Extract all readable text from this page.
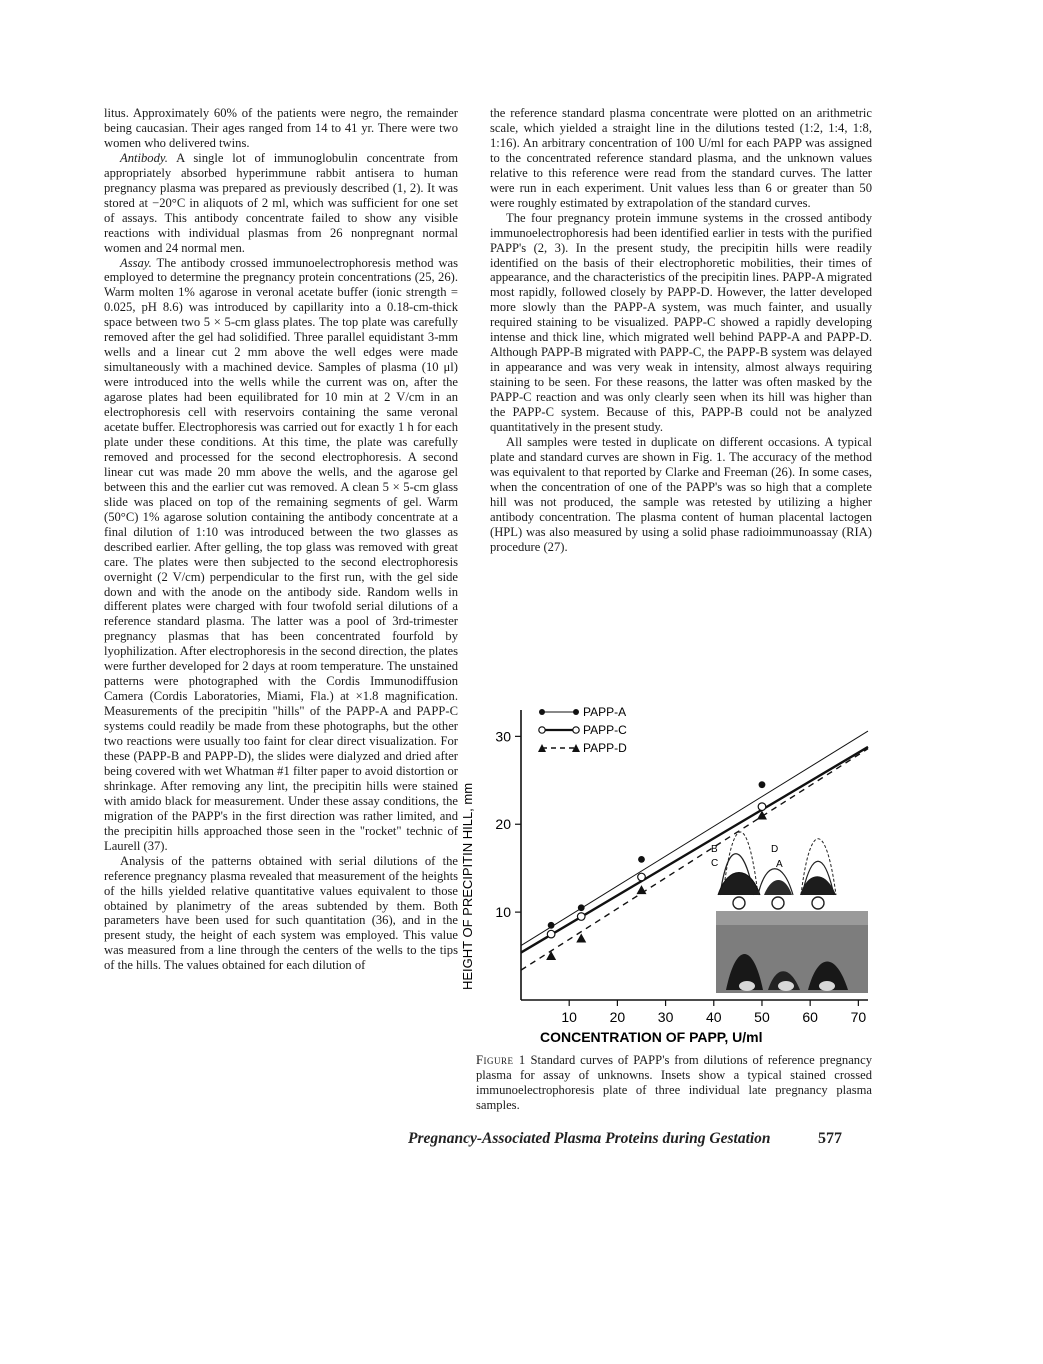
litus. Approximately 60% of the patients were negro, the remainder being caucasian. Their ages ranged from 14 to 41 yr. There were two women who delivered twins.

Antibody. A single lot of immunoglobulin concentrate from appropriately absorbed hyperimmune rabbit antisera to human pregnancy plasma was prepared as previously described (1, 2). It was stored at −20°C in aliquots of 2 ml, which was sufficient for one set of assays. This antibody concentrate failed to show any visible reactions with individual plasmas from 26 nonpregnant normal women and 24 normal men.

Assay. The antibody crossed immunoelectrophoresis method was employed to determine the pregnancy protein concentrations (25, 26). Warm molten 1% agarose in veronal acetate buffer (ionic strength = 0.025, pH 8.6) was introduced by capillarity into a 0.18-cm-thick space between two 5 × 5-cm glass plates. The top plate was carefully removed after the gel had solidified. Three parallel equidistant 3-mm wells and a linear cut 2 mm above the well edges were made simultaneously with a machined device. Samples of plasma (10 μl) were introduced into the wells while the current was on, after the agarose plates had been equilibrated for 10 min at 2 V/cm in an electrophoresis cell with reservoirs containing the same veronal acetate buffer. Electrophoresis was carried out for exactly 1 h for each plate under these conditions. At this time, the plate was carefully removed and processed for the second electrophoresis. A second linear cut was made 20 mm above the wells, and the agarose gel between this and the earlier cut was removed. A clean 5 × 5-cm glass slide was placed on top of the remaining segments of gel. Warm (50°C) 1% agarose solution containing the antibody concentrate at a final dilution of 1:10 was introduced between the two glasses as described earlier. After gelling, the top glass was removed with great care. The plates were then subjected to the second electrophoresis overnight (2 V/cm) perpendicular to the first run, with the gel side down and with the anode on the antibody side. Random wells in different plates were charged with four twofold serial dilutions of a reference standard plasma. The latter was a pool of 3rd-trimester pregnancy plasmas that has been concentrated fourfold by lyophilization. After electrophoresis in the second direction, the plates were further developed for 2 days at room temperature. The unstained patterns were photographed with the Cordis Immunodiffusion Camera (Cordis Laboratories, Miami, Fla.) at ×1.8 magnification. Measurements of the precipitin "hills" of the PAPP-A and PAPP-C systems could readily be made from these photographs, but the other two reactions were usually too faint for clear direct visualization. For these (PAPP-B and PAPP-D), the slides were dialyzed and dried after being covered with wet Whatman #1 filter paper to avoid distortion or shrinkage. After removing any lint, the precipitin hills were stained with amido black for measurement. Under these assay conditions, the migration of the PAPP's in the first direction was rather limited, and the precipitin hills approached those seen in the "rocket" technic of Laurell (37).

Analysis of the patterns obtained with serial dilutions of the reference pregnancy plasma revealed that measurement of the heights of the hills yielded relative quantitative values equivalent to those obtained by planimetry of the areas subtended by them. Both parameters have been used for such quantitation (36), and in the present study, the height of each system was employed. This value was measured from a line through the centers of the wells to the tips of the hills. The values obtained for each dilution of

the reference standard plasma concentrate were plotted on an arithmetric scale, which yielded a straight line in the dilutions tested (1:2, 1:4, 1:8, 1:16). An arbitrary concentration of 100 U/ml for each PAPP was assigned to the concentrated reference standard plasma, and the unknown values relative to this reference were read from the standard curves. The latter were run in each experiment. Unit values less than 6 or greater than 50 were roughly estimated by extrapolation of the standard curves.

The four pregnancy protein immune systems in the crossed antibody immunoelectrophoresis had been identified earlier in tests with the purified PAPP's (2, 3). In the present study, the precipitin hills were readily identified on the basis of their electrophoretic mobilities, their times of appearance, and the characteristics of the precipitin lines. PAPP-A migrated most rapidly, followed closely by PAPP-D. However, the latter developed more slowly than the PAPP-A system, was much fainter, and usually required staining to be visualized. PAPP-C showed a rapidly developing intense and thick line, which migrated well behind PAPP-A and PAPP-D. Although PAPP-B migrated with PAPP-C, the PAPP-B system was delayed in appearance and was very weak in intensity, almost always requiring staining to be seen. For these reasons, the latter was often masked by the PAPP-C reaction and was only clearly seen when its hill was higher than the PAPP-C system. Because of this, PAPP-B could not be analyzed quantitatively in the present study.

All samples were tested in duplicate on different occasions. A typical plate and standard curves are shown in Fig. 1. The accuracy of the method was equivalent to that reported by Clarke and Freeman (26). In some cases, when the concentration of one of the PAPP's was so high that a complete hill was not produced, the sample was retested by utilizing a higher antibody concentration. The plasma content of human placental lactogen (HPL) was also measured by using a solid phase radioimmunoassay (RIA) procedure (27).

10 20 30 40 50 60 70
10
20
30
B
C
D
A
PAPP-A
PAPP-C
PAPP-D
HEIGHT OF PRECIPITIN HILL, mm
CONCENTRATION OF PAPP, U/ml
Figure 1 Standard curves of PAPP's from dilutions of reference pregnancy plasma for assay of unknowns. Insets show a typical stained crossed immunoelectrophoresis plate of three individual late pregnancy plasma samples.
Pregnancy-Associated Plasma Proteins during Gestation	577
